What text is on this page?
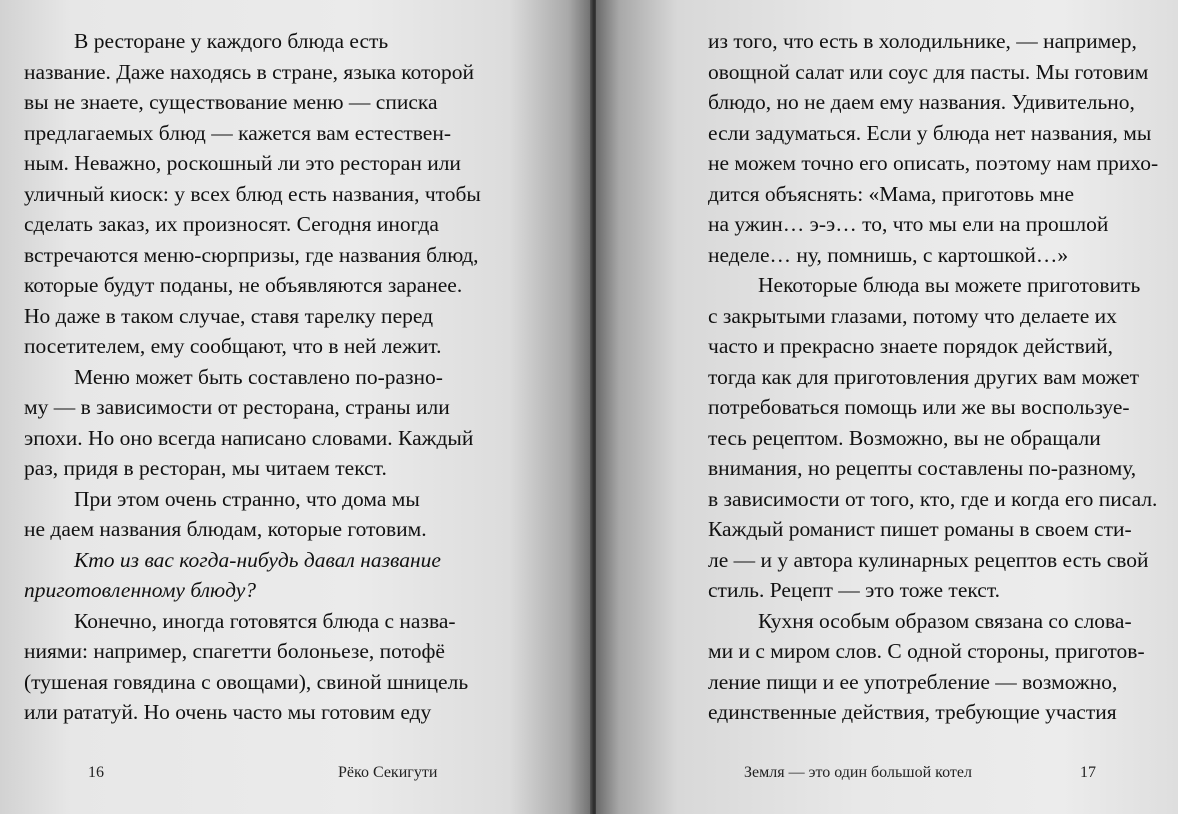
В ресторане у каждого блюда есть
название. Даже находясь в стране, языка которой
вы не знаете, существование меню — списка
предлагаемых блюд — кажется вам естествен-
ным. Неважно, роскошный ли это ресторан или
уличный киоск: у всех блюд есть названия, чтобы
сделать заказ, их произносят. Сегодня иногда
встречаются меню-сюрпризы, где названия блюд,
которые будут поданы, не объявляются заранее.
Но даже в таком случае, ставя тарелку перед
посетителем, ему сообщают, что в ней лежит.
Меню может быть составлено по-разно-
му — в зависимости от ресторана, страны или
эпохи. Но оно всегда написано словами. Каждый
раз, придя в ресторан, мы читаем текст.
При этом очень странно, что дома мы
не даем названия блюдам, которые готовим.
Кто из вас когда-нибудь давал название
приготовленному блюду?
Конечно, иногда готовятся блюда с назва-
ниями: например, спагетти болоньезе, потофё
(тушеная говядина с овощами), свиной шницель
или рататуй. Но очень часто мы готовим еду
16	Рёко Секигути
из того, что есть в холодильнике, — например,
овощной салат или соус для пасты. Мы готовим
блюдо, но не даем ему названия. Удивительно,
если задуматься. Если у блюда нет названия, мы
не можем точно его описать, поэтому нам прихо-
дится объяснять: «Мама, приготовь мне
на ужин… э-э… то, что мы ели на прошлой
неделе… ну, помнишь, с картошкой…»
Некоторые блюда вы можете приготовить
с закрытыми глазами, потому что делаете их
часто и прекрасно знаете порядок действий,
тогда как для приготовления других вам может
потребоваться помощь или же вы воспользуе-
тесь рецептом. Возможно, вы не обращали
внимания, но рецепты составлены по-разному,
в зависимости от того, кто, где и когда его писал.
Каждый романист пишет романы в своем сти-
ле — и у автора кулинарных рецептов есть свой
стиль. Рецепт — это тоже текст.
Кухня особым образом связана со слова-
ми и с миром слов. С одной стороны, приготов-
ление пищи и ее употребление — возможно,
единственные действия, требующие участия
Земля — это один большой котел	17
